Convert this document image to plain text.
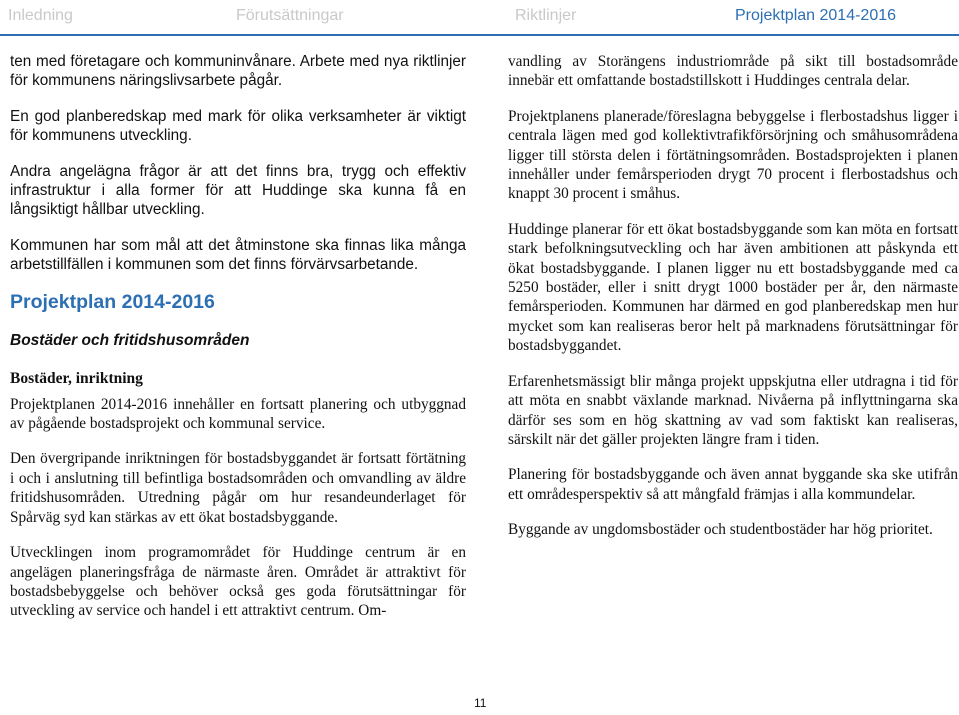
Inledning	Förutsättningar	Riktlinjer	Projektplan 2014-2016

ten med företagare och kommuninvånare. Arbete med nya riktlinjer för kommunens näringslivsarbete pågår.

En god planberedskap med mark för olika verksamheter är viktigt för kommunens utveckling.

Andra angelägna frågor är att det finns bra, trygg och effektiv infrastruktur i alla former för att Huddinge ska kunna få en långsiktigt hållbar utveckling.

Kommunen har som mål att det åtminstone ska finnas lika många arbetstillfällen i kommunen som det finns förvärvsarbetande.

Projektplan 2014-2016
Bostäder och fritidshusområden
Bostäder, inriktning

Projektplanen 2014-2016 innehåller en fortsatt planering och utbyggnad av pågående bostadsprojekt och kommunal service.

Den övergripande inriktningen för bostadsbyggandet är fortsatt förtätning i och i anslutning till befintliga bostadsområden och omvandling av äldre fritidshusområden. Utredning pågår om hur resandeunderlaget för Spårväg syd kan stärkas av ett ökat bostadsbyggande.

Utvecklingen inom programområdet för Huddinge centrum är en angelägen planeringsfråga de närmaste åren. Området är attraktivt för bostadsbebyggelse och behöver också ges goda förutsättningar för utveckling av service och handel i ett attraktivt centrum. Om-

vandling av Storängens industriområde på sikt till bostadsområde innebär ett omfattande bostadstillskott i Huddinges centrala delar.

Projektplanens planerade/föreslagna bebyggelse i flerbostadshus ligger i centrala lägen med god kollektivtrafikförsörjning och småhusområdena ligger till största delen i förtätningsområden. Bostadsprojekten i planen innehåller under femårsperioden drygt 70 procent i flerbostadshus och knappt 30 procent i småhus.

Huddinge planerar för ett ökat bostadsbyggande som kan möta en fortsatt stark befolkningsutveckling och har även ambitionen att påskynda ett ökat bostadsbyggande. I planen ligger nu ett bostadsbyggande med ca 5250 bostäder, eller i snitt drygt 1000 bostäder per år, den närmaste femårsperioden. Kommunen har därmed en god planberedskap men hur mycket som kan realiseras beror helt på marknadens förutsättningar för bostadsbyggandet.

Erfarenhetsmässigt blir många projekt uppskjutna eller utdragna i tid för att möta en snabbt växlande marknad. Nivåerna på inflyttningarna ska därför ses som en hög skattning av vad som faktiskt kan realiseras, särskilt när det gäller projekten längre fram i tiden.

Planering för bostadsbyggande och även annat byggande ska ske utifrån ett områdesperspektiv så att mångfald främjas i alla kommundelar.

Byggande av ungdomsbostäder och studentbostäder har hög prioritet.

11
